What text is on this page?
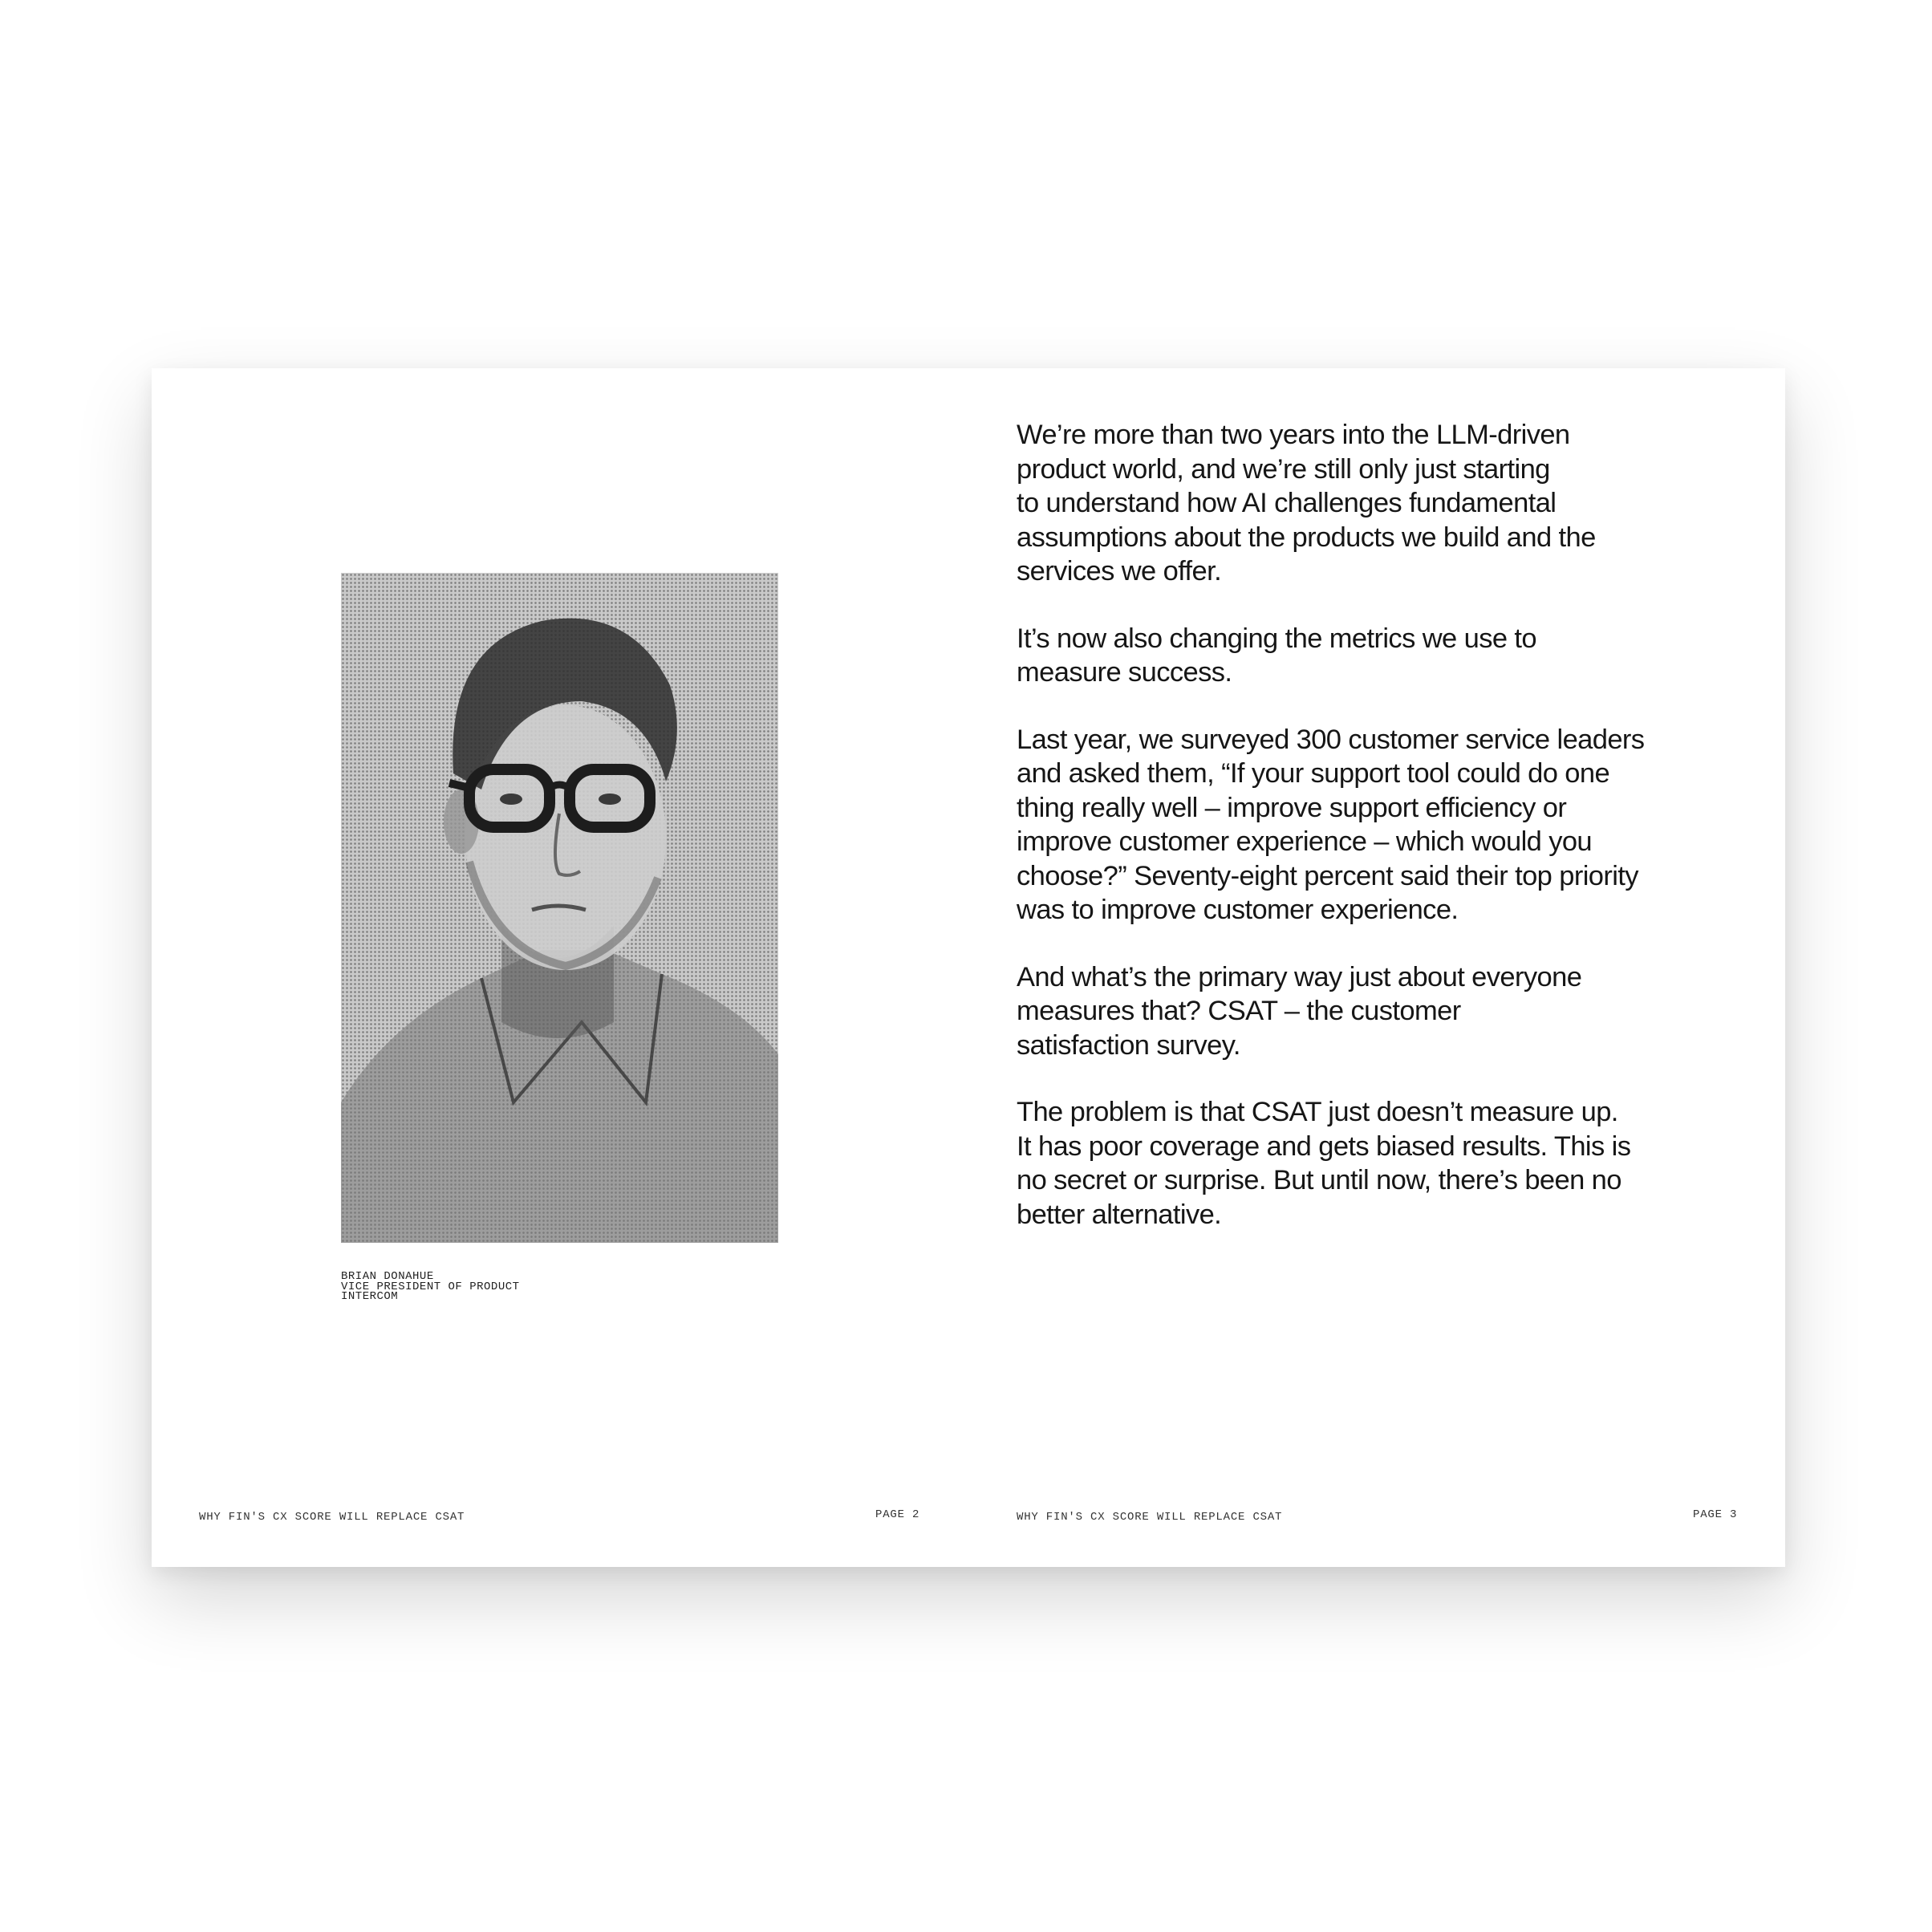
BRIAN DONAHUE
VICE PRESIDENT OF PRODUCT
INTERCOM

We’re more than two years into the LLM-driven
product world, and we’re still only just starting
to understand how AI challenges fundamental
assumptions about the products we build and the
services we offer.

It’s now also changing the metrics we use to
measure success.

Last year, we surveyed 300 customer service leaders
and asked them, “If your support tool could do one
thing really well – improve support efficiency or
improve customer experience – which would you
choose?” Seventy-eight percent said their top priority
was to improve customer experience.

And what’s the primary way just about everyone
measures that? CSAT – the customer
satisfaction survey.

The problem is that CSAT just doesn’t measure up.
It has poor coverage and gets biased results. This is
no secret or surprise. But until now, there’s been no
better alternative.

WHY FIN'S CX SCORE WILL REPLACE CSAT	PAGE 2	WHY FIN'S CX SCORE WILL REPLACE CSAT	PAGE 3
